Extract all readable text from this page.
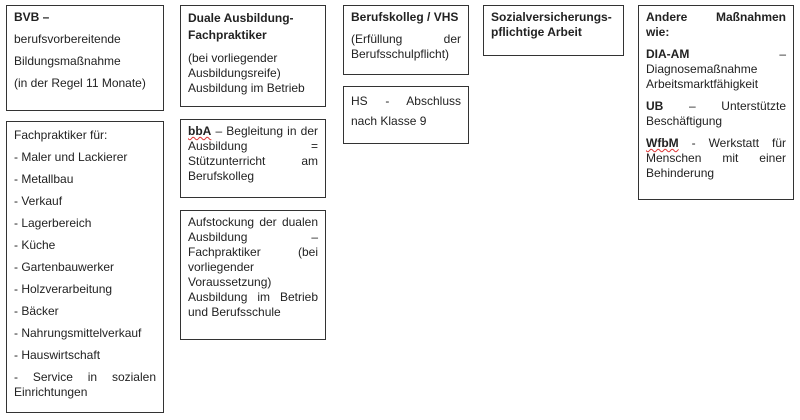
BVB –

berufsvorbereitende

Bildungsmaßnahme

(in der Regel 11 Monate)

Fachpraktiker für:

- Maler und Lackierer

- Metallbau

- Verkauf

- Lagerbereich

- Küche

- Gartenbauwerker

- Holzverarbeitung

- Bäcker

- Nahrungsmittelverkauf

- Hauswirtschaft

- Service in sozialen Einrichtungen

Duale Ausbildung-Fachpraktiker

(bei vorliegender Ausbildungsreife) Ausbildung im Betrieb

bbA – Begleitung in der Ausbildung = Stützunterricht am Berufskolleg

Aufstockung der dualen Ausbildung – Fachpraktiker (bei vorliegender Voraussetzung) Ausbildung im Betrieb und Berufsschule

Berufskolleg / VHS

(Erfüllung der Berufsschulpflicht)

HS - Abschluss nach Klasse 9

Sozialversicherungs-pflichtige Arbeit

Andere Maßnahmen wie:

DIA-AM – Diagnosemaßnahme Arbeitsmarktfähigkeit

UB – Unterstützte Beschäftigung

WfbM - Werkstatt für Menschen mit einer Behinderung
